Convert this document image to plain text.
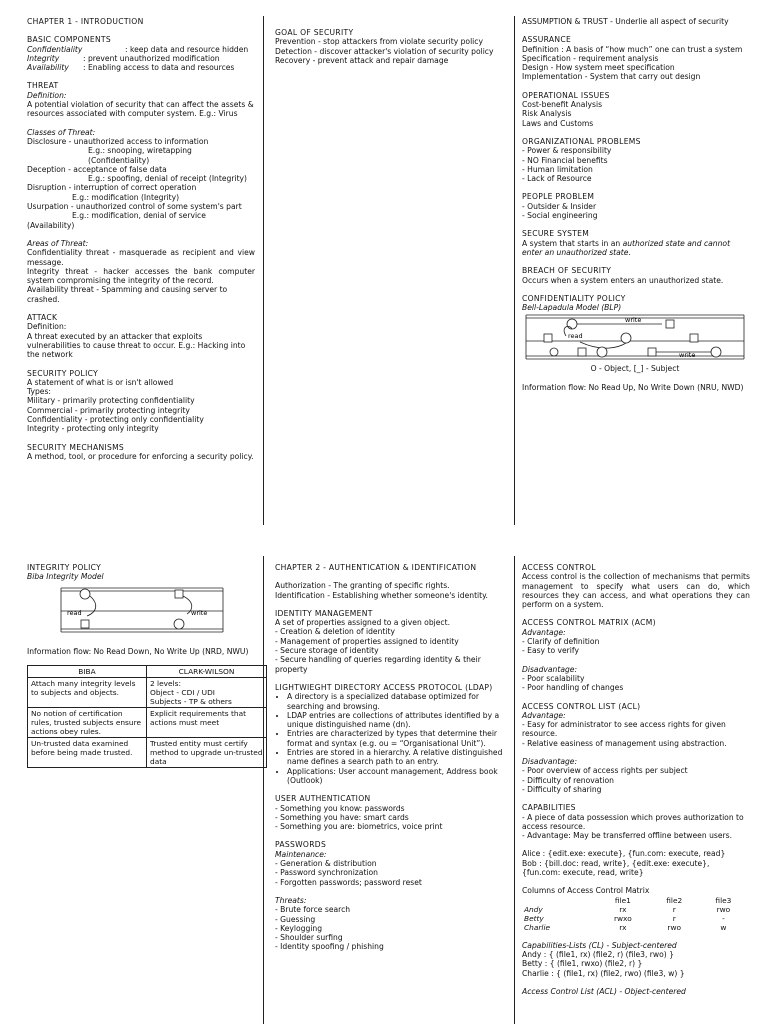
CHAPTER 1 - INTRODUCTION
BASIC COMPONENTS
Confidentiality	: keep data and resource hidden
Integrity	: prevent unauthorized modification
Availability : Enabling access to data and resources
THREAT
Definition:
A potential violation of security that can affect the assets & resources associated with computer system. E.g.: Virus
Classes of Threat:
Disclosure - unauthorized access to information
E.g.: snooping, wiretapping (Confidentiality)
Deception - acceptance of false data
E.g.: spoofing, denial of receipt (Integrity)
Disruption - interruption of correct operation
E.g.: modification (Integrity)
Usurpation - unauthorized control of some system's part
E.g.: modification, denial of service
(Availability)
Areas of Threat:
Confidentiality threat - masquerade as recipient and view message.
Integrity threat - hacker accesses the bank computer system compromising the integrity of the record.
Availability threat - Spamming and causing server to crashed.
ATTACK
Definition:
A threat executed by an attacker that exploits vulnerabilities to cause threat to occur. E.g.: Hacking into the network
SECURITY POLICY
A statement of what is or isn't allowed
Types:
Military - primarily protecting confidentiality
Commercial - primarily protecting integrity
Confidentiality - protecting only confidentiality
Integrity - protecting only integrity
SECURITY MECHANISMS
A method, tool, or procedure for enforcing a security policy.
GOAL OF SECURITY
Prevention - stop attackers from violate security policy
Detection - discover attacker's violation of security policy
Recovery - prevent attack and repair damage
ASSUMPTION & TRUST - Underlie all aspect of security
ASSURANCE
Definition : A basis of “how much” one can trust a system
Specification - requirement analysis
Design - How system meet specification
Implementation - System that carry out design
OPERATIONAL ISSUES
Cost-benefit Analysis
Risk Analysis
Laws and Customs
ORGANIZATIONAL PROBLEMS
- Power & responsibility
- NO Financial benefits
- Human limitation
- Lack of Resource
PEOPLE PROBLEM
- Outsider & Insider
- Social engineering
SECURE SYSTEM
A system that starts in an authorized state and cannot enter an unauthorized state.
BREACH OF SECURITY
Occurs when a system enters an unauthorized state.
CONFIDENTIALITY POLICY
Bell-Lapadula Model (BLP)
write
read
write
O - Object, [_] - Subject
Information flow: No Read Up, No Write Down (NRU, NWD)
INTEGRITY POLICY
Biba Integrity Model
read	write
Information flow: No Read Down, No Write Up (NRD, NWU)
BIBA	CLARK-WILSON
Attach many integrity levels to subjects and objects.	2 levels:
Object - CDI / UDI
Subjects - TP & others
No notion of certification rules, trusted subjects ensure actions obey rules.	Explicit requirements that actions must meet
Un-trusted data examined before being made trusted.	Trusted entity must certify method to upgrade un-trusted data
CHAPTER 2 - AUTHENTICATION & IDENTIFICATION
Authorization - The granting of specific rights.
Identification - Establishing whether someone's identity.
IDENTITY MANAGEMENT
A set of properties assigned to a given object.
- Creation & deletion of identity
- Management of properties assigned to identity
- Secure storage of identity
- Secure handling of queries regarding identity & their property
LIGHTWIEGHT DIRECTORY ACCESS PROTOCOL (LDAP)
• A directory is a specialized database optimized for searching and browsing.
• LDAP entries are collections of attributes identified by a unique distinguished name (dn).
• Entries are characterized by types that determine their format and syntax (e.g. ou = “Organisational Unit”).
• Entries are stored in a hierarchy. A relative distinguished name defines a search path to an entry.
• Applications: User account management, Address book (Outlook)
USER AUTHENTICATION
- Something you know: passwords
- Something you have: smart cards
- Something you are: biometrics, voice print
PASSWORDS
Maintenance:
- Generation & distribution
- Password synchronization
- Forgotten passwords; password reset
Threats:
- Brute force search
- Guessing
- Keylogging
- Shoulder surfing
- Identity spoofing / phishing
ACCESS CONTROL
Access control is the collection of mechanisms that permits management to specify what users can do, which resources they can access, and what operations they can perform on a system.
ACCESS CONTROL MATRIX (ACM)
Advantage:
- Clarify of definition
- Easy to verify
Disadvantage:
- Poor scalability
- Poor handling of changes
ACCESS CONTROL LIST (ACL)
Advantage:
- Easy for administrator to see access rights for given resource.
- Relative easiness of management using abstraction.
Disadvantage:
- Poor overview of access rights per subject
- Difficulty of renovation
- Difficulty of sharing
CAPABILITIES
- A piece of data possession which proves authorization to access resource.
- Advantage: May be transferred offline between users.
Alice : {edit.exe: execute}, {fun.com: execute, read}
Bob : {bill.doc: read, write}, {edit.exe: execute}, {fun.com: execute, read, write}
Columns of Access Control Matrix
	file1	file2	file3
Andy	rx	r	rwo
Betty	rwxo	r	-
Charlie	rx	rwo	w
Capabilities-Lists (CL) - Subject-centered
Andy : { (file1, rx) (file2, r) (file3, rwo) }
Betty : { (file1, rwxo) (file2, r) }
Charlie : { (file1, rx) (file2, rwo) (file3, w) }
Access Control List (ACL) - Object-centered
